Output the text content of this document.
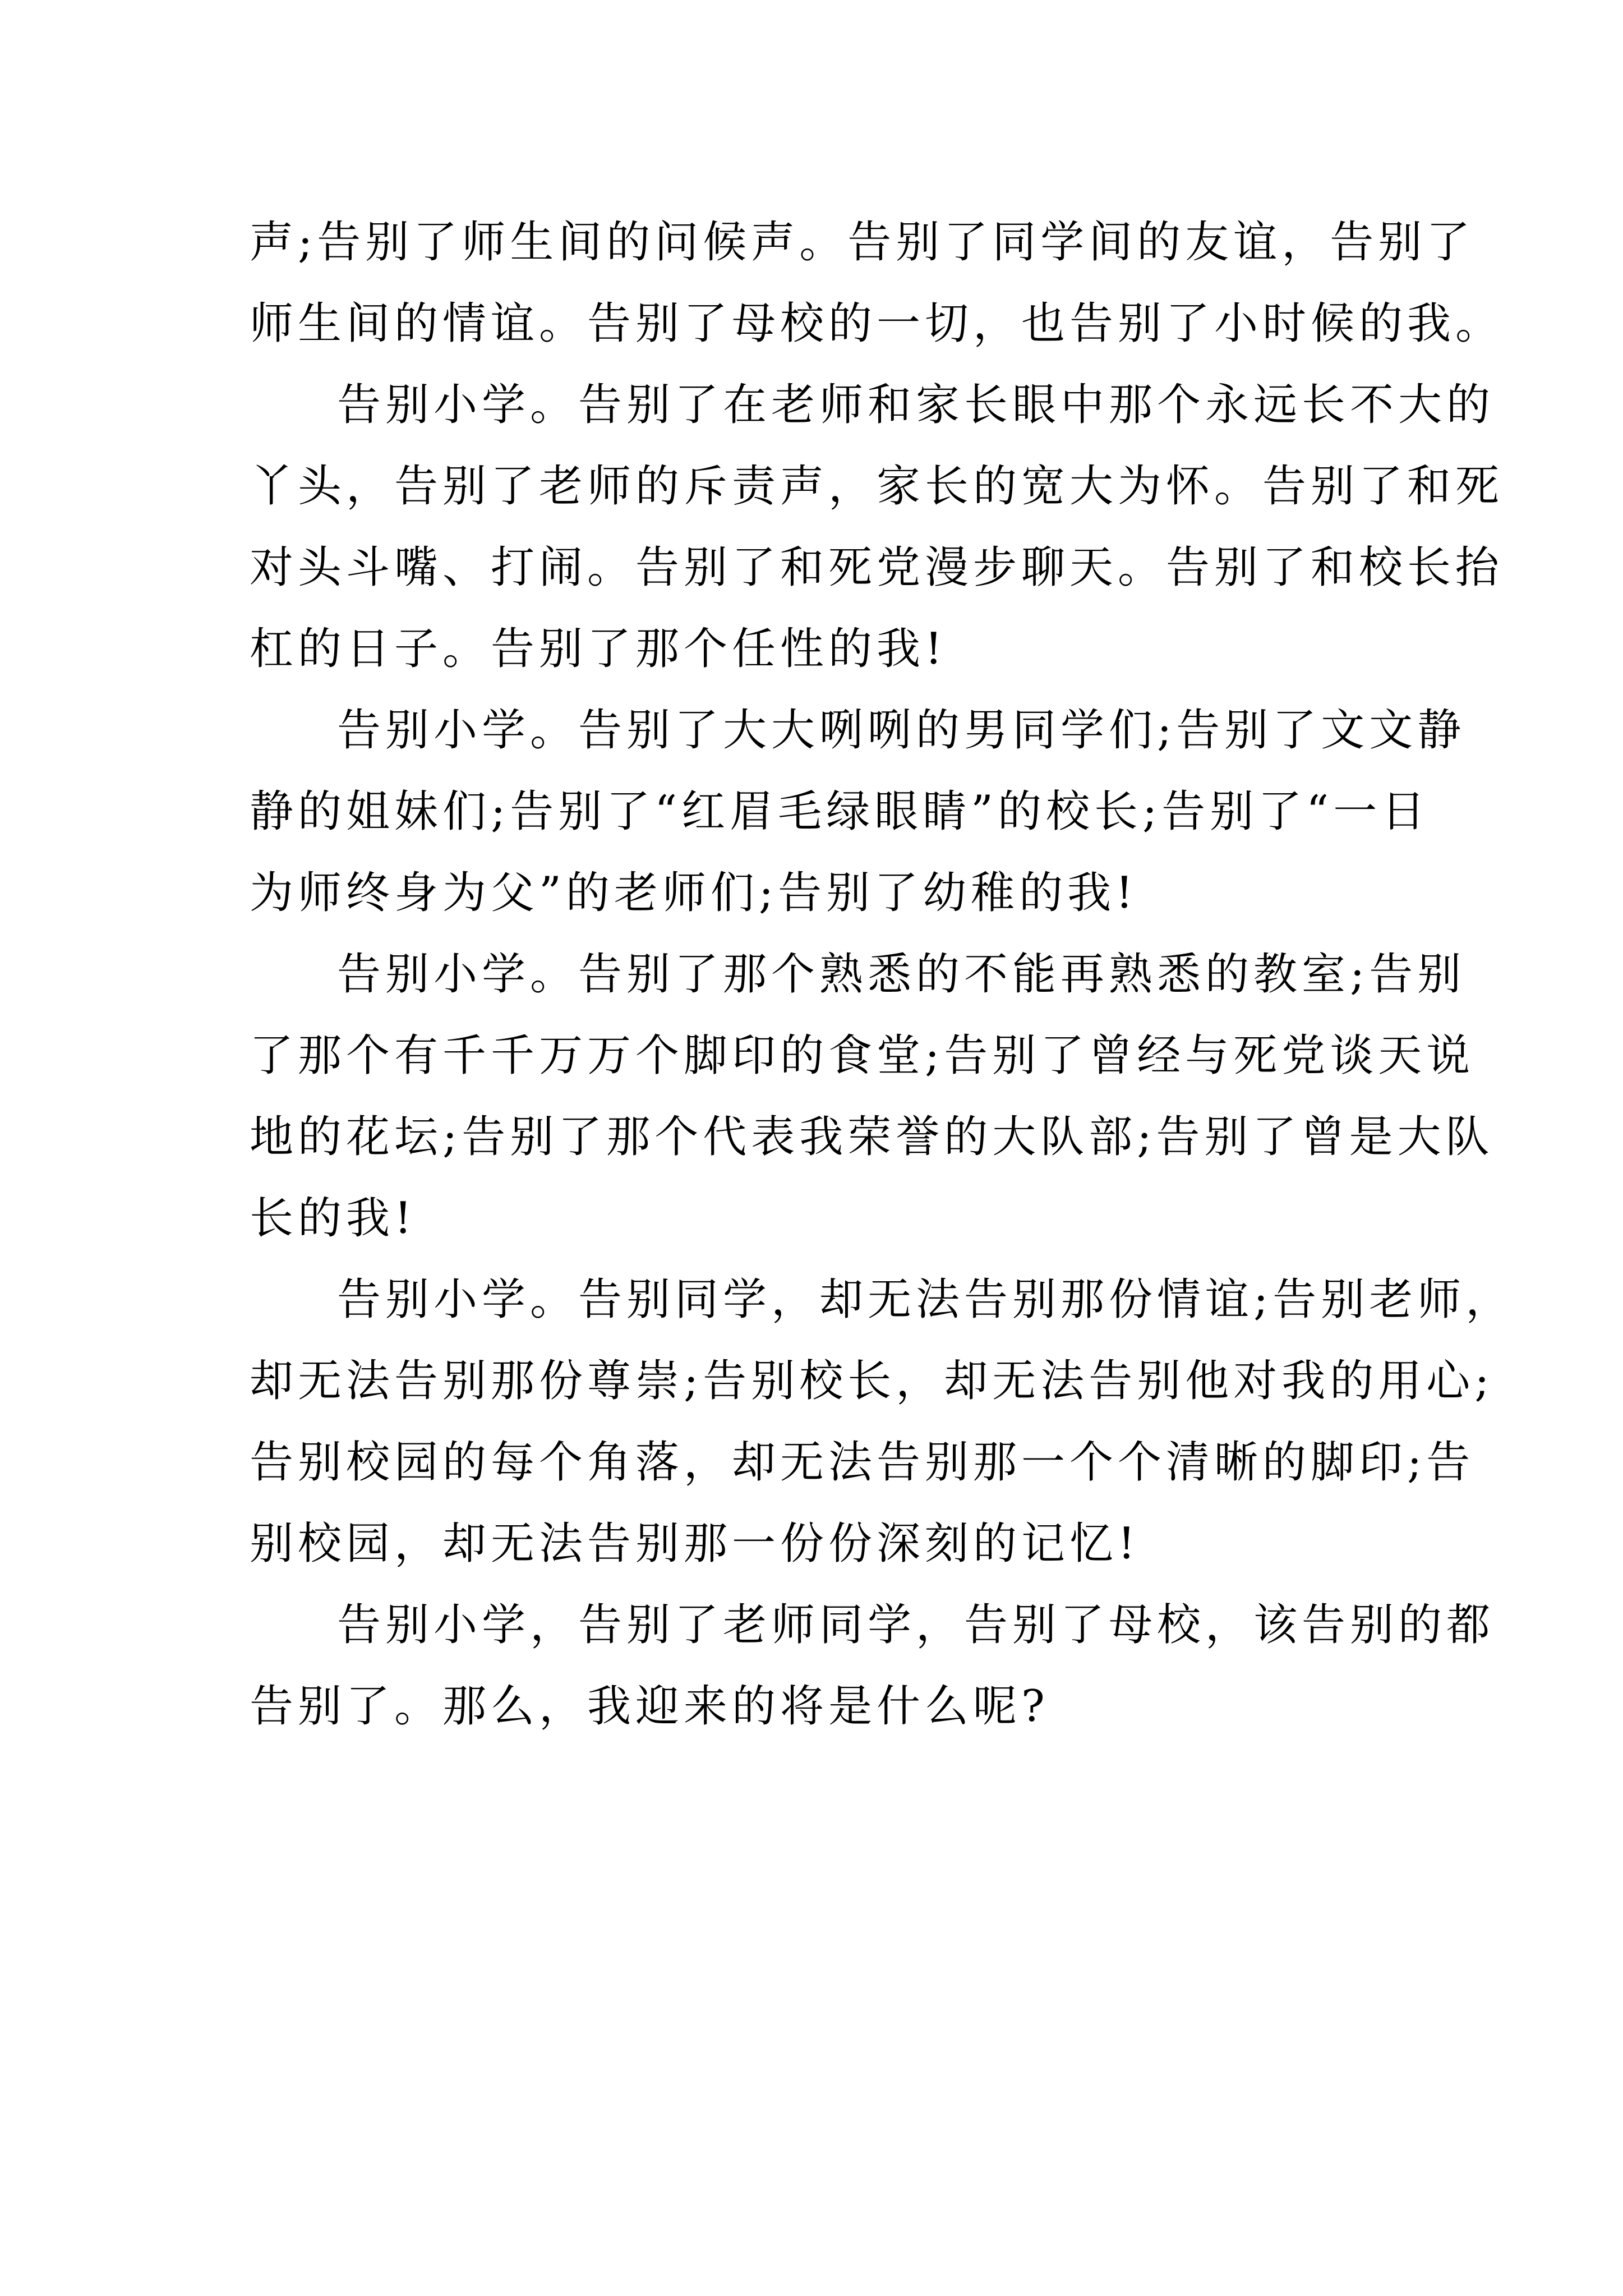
声;告别了师生间的问候声。告别了同学间的友谊，告别了
师生间的情谊。告别了母校的一切，也告别了小时候的我。
告别小学。告别了在老师和家长眼中那个永远长不大的
丫头，告别了老师的斥责声，家长的宽大为怀。告别了和死
对头斗嘴、打闹。告别了和死党漫步聊天。告别了和校长抬
杠的日子。告别了那个任性的我!
告别小学。告别了大大咧咧的男同学们;告别了文文静
静的姐妹们;告别了“红眉毛绿眼睛”的校长;告别了“一日
为师终身为父”的老师们;告别了幼稚的我!
告别小学。告别了那个熟悉的不能再熟悉的教室;告别
了那个有千千万万个脚印的食堂;告别了曾经与死党谈天说
地的花坛;告别了那个代表我荣誉的大队部;告别了曾是大队
长的我!
告别小学。告别同学，却无法告别那份情谊;告别老师，
却无法告别那份尊崇;告别校长，却无法告别他对我的用心;
告别校园的每个角落，却无法告别那一个个清晰的脚印;告
别校园，却无法告别那一份份深刻的记忆!
告别小学，告别了老师同学，告别了母校，该告别的都
告别了。那么，我迎来的将是什么呢?
